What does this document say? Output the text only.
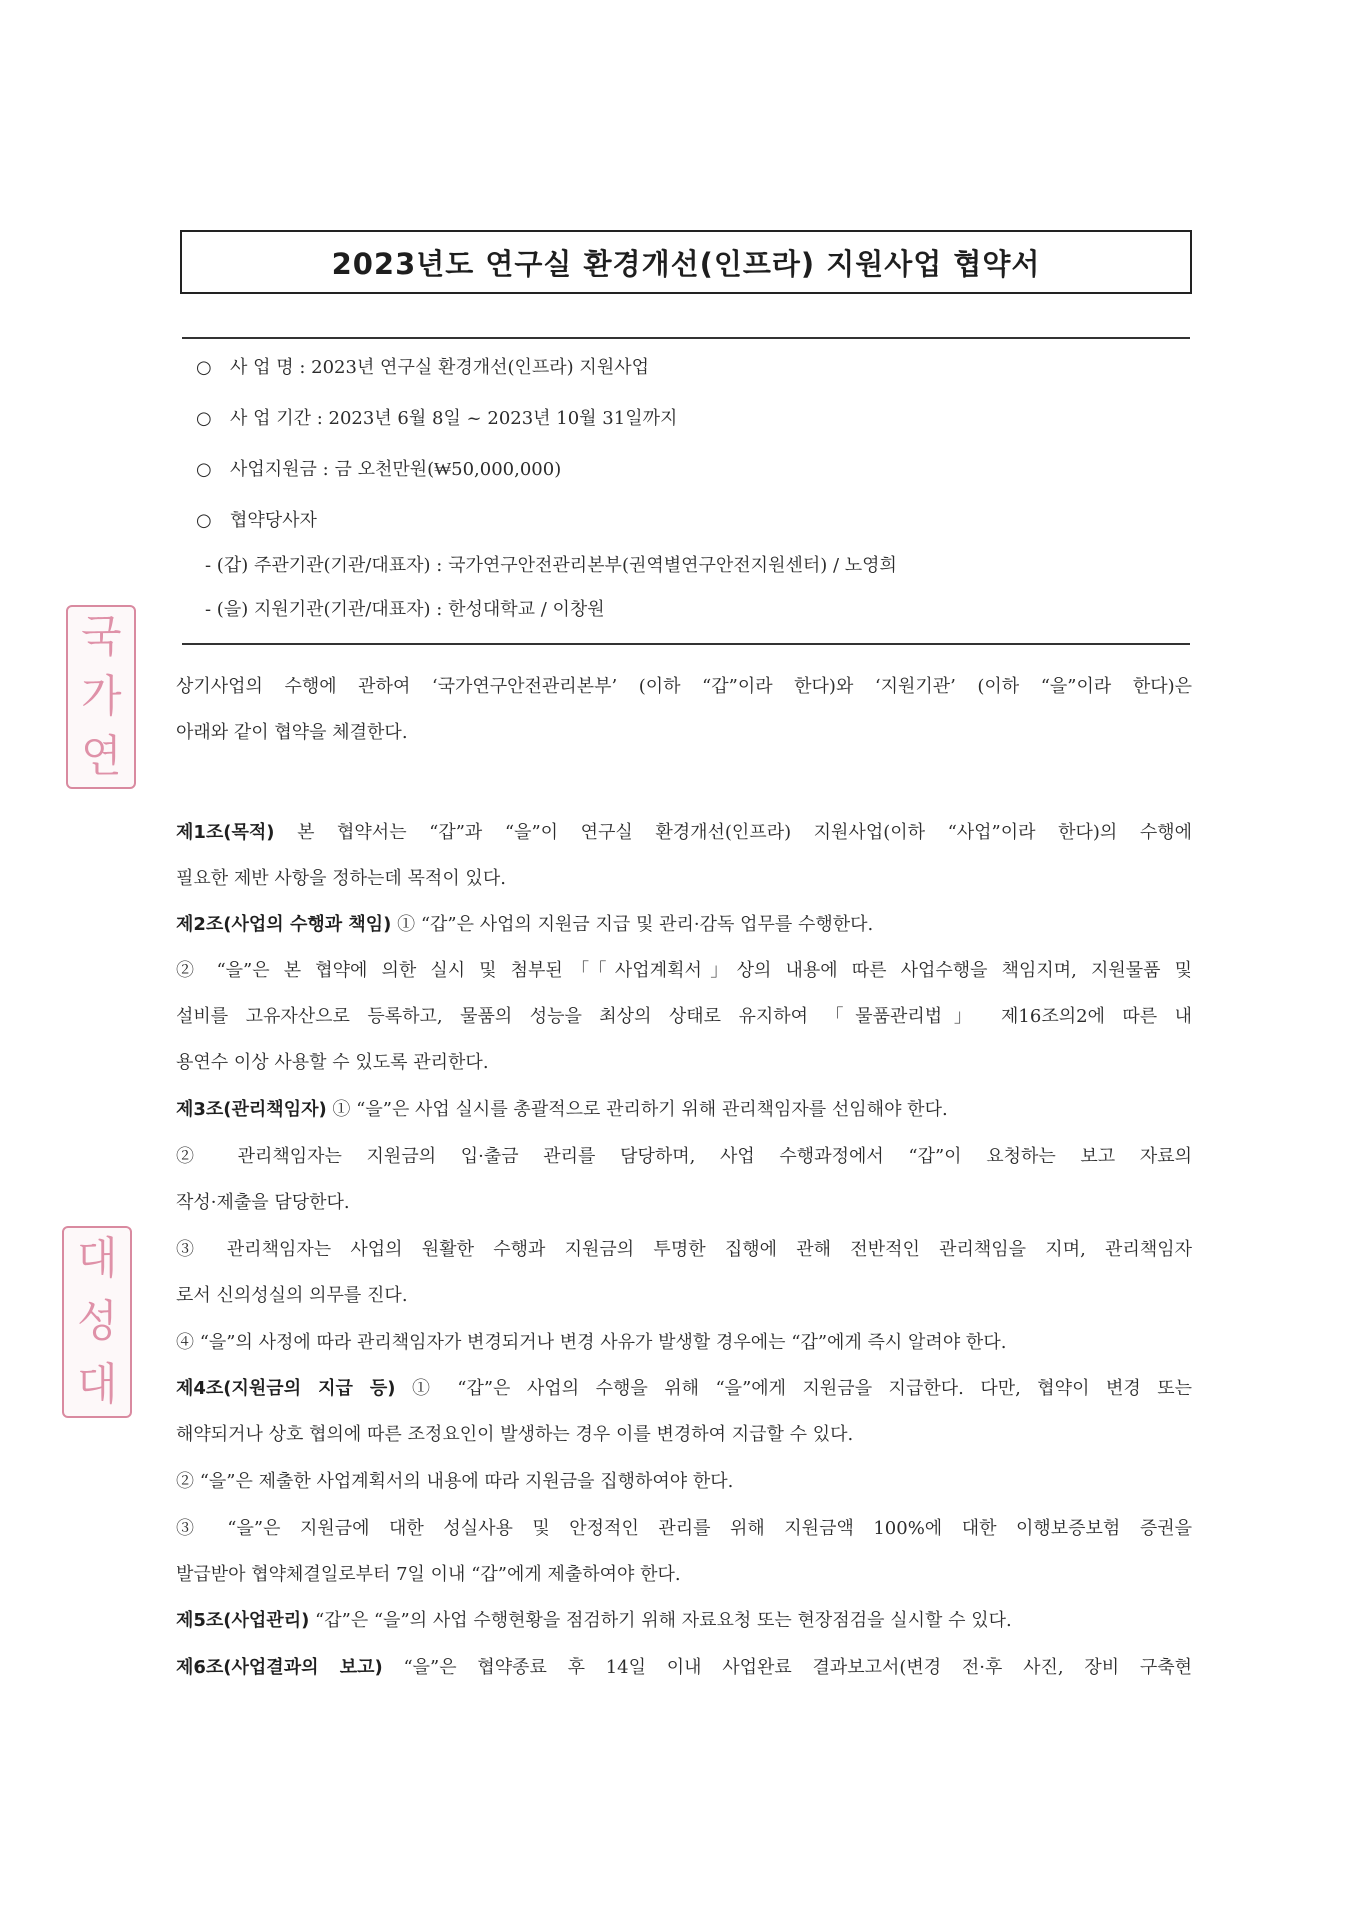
2023년도 연구실 환경개선(인프라) 지원사업 협약서
○ 사 업 명 : 2023년 연구실 환경개선(인프라) 지원사업
○ 사 업 기간 : 2023년 6월 8일 ~ 2023년 10월 31일까지
○ 사업지원금 : 금 오천만원(₩50,000,000)
○ 협약당사자
- (갑) 주관기관(기관/대표자) : 국가연구안전관리본부(권역별연구안전지원센터) / 노영희
- (을) 지원기관(기관/대표자) : 한성대학교 / 이창원
상기사업의 수행에 관하여 ‘국가연구안전관리본부’ (이하 “갑”이라 한다)와 ‘지원기관’ (이하 “을”이라 한다)은
아래와 같이 협약을 체결한다.
제1조(목적) 본 협약서는 “갑”과 “을”이 연구실 환경개선(인프라) 지원사업(이하 “사업”이라 한다)의 수행에
필요한 제반 사항을 정하는데 목적이 있다.
제2조(사업의 수행과 책임) ① “갑”은 사업의 지원금 지급 및 관리·감독 업무를 수행한다.
② “을”은 본 협약에 의한 실시 및 첨부된「「사업계획서」상의 내용에 따른 사업수행을 책임지며, 지원물품 및
설비를 고유자산으로 등록하고, 물품의 성능을 최상의 상태로 유지하여 「물품관리법」 제16조의2에 따른 내
용연수 이상 사용할 수 있도록 관리한다.
제3조(관리책임자) ① “을”은 사업 실시를 총괄적으로 관리하기 위해 관리책임자를 선임해야 한다.
② 관리책임자는 지원금의 입·출금 관리를 담당하며, 사업 수행과정에서 “갑”이 요청하는 보고 자료의
작성·제출을 담당한다.
③ 관리책임자는 사업의 원활한 수행과 지원금의 투명한 집행에 관해 전반적인 관리책임을 지며, 관리책임자
로서 신의성실의 의무를 진다.
④ “을”의 사정에 따라 관리책임자가 변경되거나 변경 사유가 발생할 경우에는 “갑”에게 즉시 알려야 한다.
제4조(지원금의 지급 등) ① “갑”은 사업의 수행을 위해 “을”에게 지원금을 지급한다. 다만, 협약이 변경 또는
해약되거나 상호 협의에 따른 조정요인이 발생하는 경우 이를 변경하여 지급할 수 있다.
② “을”은 제출한 사업계획서의 내용에 따라 지원금을 집행하여야 한다.
③ “을”은 지원금에 대한 성실사용 및 안정적인 관리를 위해 지원금액 100%에 대한 이행보증보험 증권을
발급받아 협약체결일로부터 7일 이내 “갑”에게 제출하여야 한다.
제5조(사업관리) “갑”은 “을”의 사업 수행현황을 점검하기 위해 자료요청 또는 현장점검을 실시할 수 있다.
제6조(사업결과의 보고) “을”은 협약종료 후 14일 이내 사업완료 결과보고서(변경 전·후 사진, 장비 구축현
국
가
연
대
성
대
